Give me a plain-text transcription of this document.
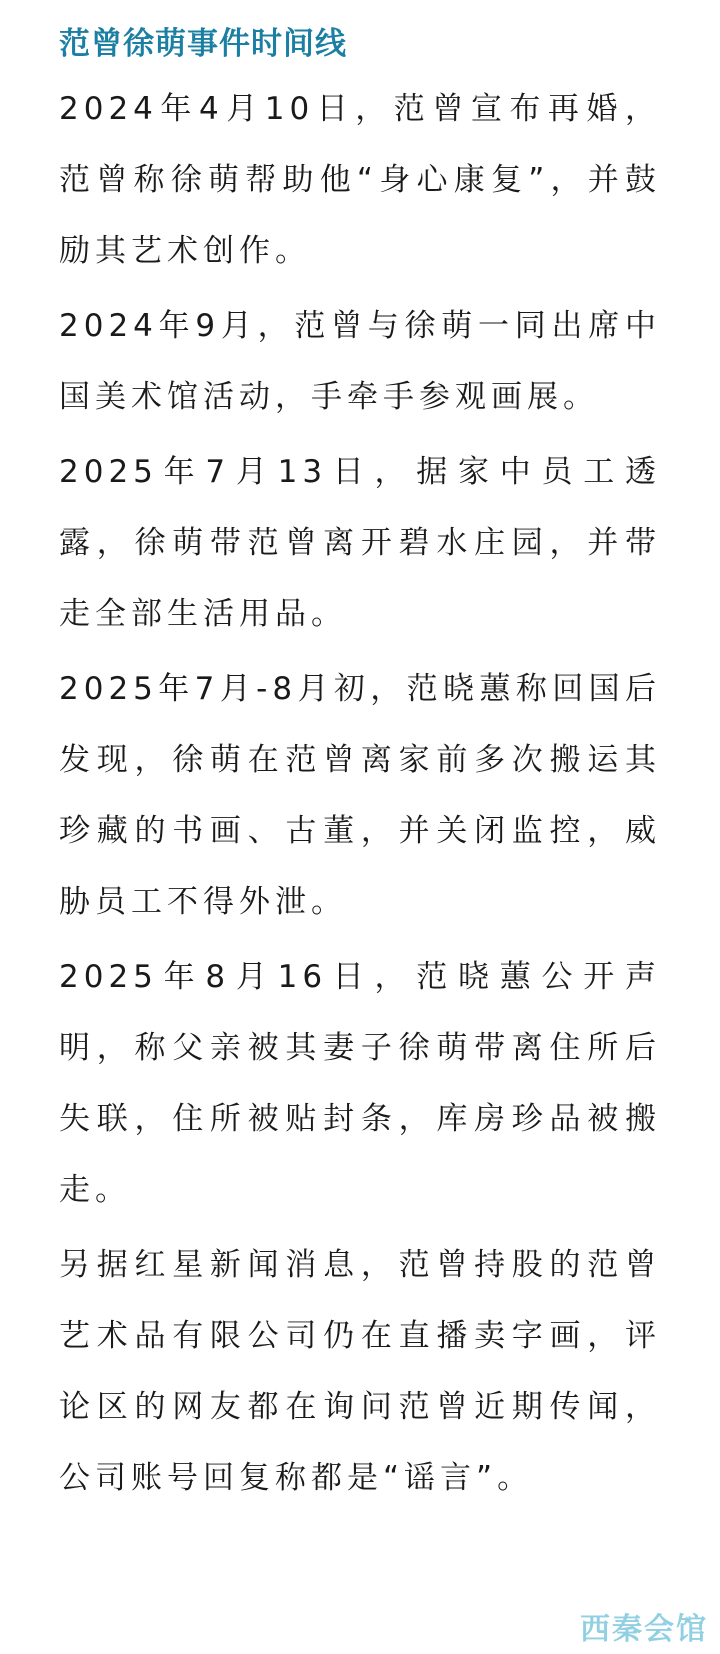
范曾徐萌事件时间线

2024年4月10日，范曾宣布再婚，范曾称徐萌帮助他“身心康复”，并鼓励其艺术创作。

2024年9月，范曾与徐萌一同出席中国美术馆活动，手牵手参观画展。

2025年7月13日，据家中员工透露，徐萌带范曾离开碧水庄园，并带走全部生活用品。

2025年7月-8月初，范晓蕙称回国后发现，徐萌在范曾离家前多次搬运其珍藏的书画、古董，并关闭监控，威胁员工不得外泄。

2025年8月16日，范晓蕙公开声明，称父亲被其妻子徐萌带离住所后失联，住所被贴封条，库房珍品被搬走。

另据红星新闻消息，范曾持股的范曾艺术品有限公司仍在直播卖字画，评论区的网友都在询问范曾近期传闻，公司账号回复称都是“谣言”。

西秦会馆
